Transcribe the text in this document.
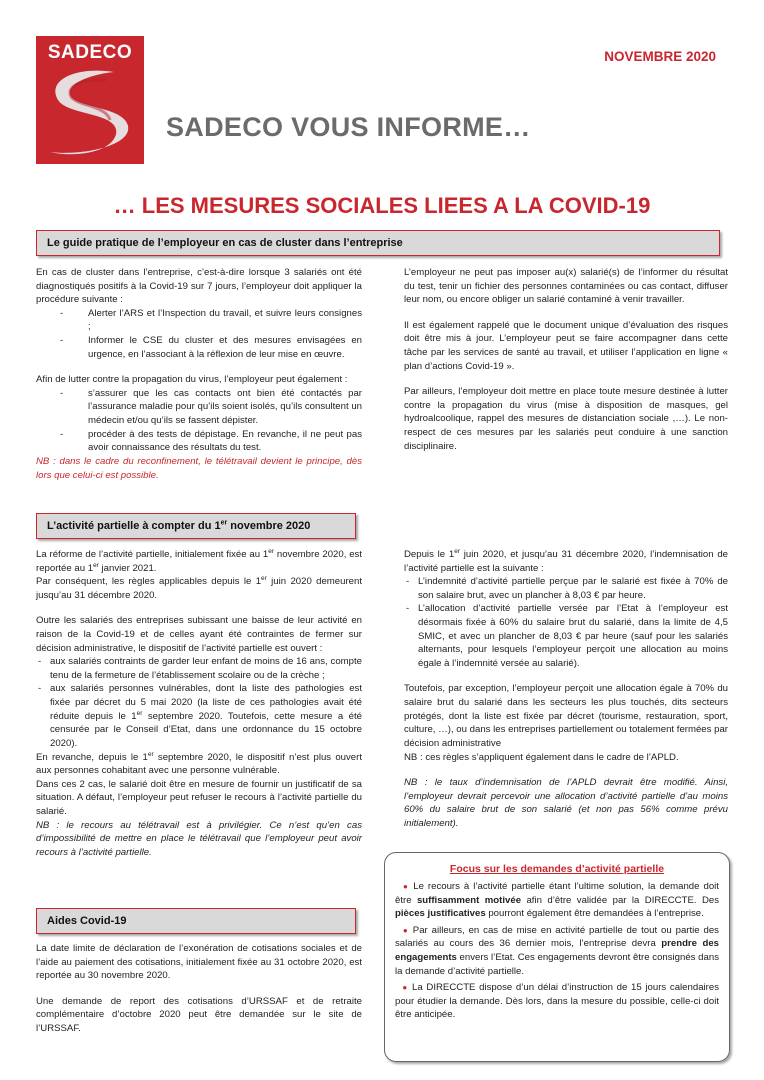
SADECO	NOVEMBRE 2020
SADECO VOUS INFORME…
… LES MESURES SOCIALES LIEES A LA COVID-19
Le guide pratique de l’employeur en cas de cluster dans l’entreprise

En cas de cluster dans l’entreprise, c’est-à-dire lorsque 3 salariés ont été diagnostiqués positifs à la Covid-19 sur 7 jours, l’employeur doit appliquer la procédure suivante :

- Alerter l’ARS et l’Inspection du travail, et suivre leurs consignes ;
- Informer le CSE du cluster et des mesures envisagées en urgence, en l’associant à la réflexion de leur mise en œuvre.

Afin de lutter contre la propagation du virus, l’employeur peut également :

- s’assurer que les cas contacts ont bien été contactés par l’assurance maladie pour qu’ils soient isolés, qu’ils consultent un médecin et/ou qu’ils se fassent dépister.
- procéder à des tests de dépistage. En revanche, il ne peut pas avoir connaissance des résultats du test.

NB : dans le cadre du reconfinement, le télétravail devient le principe, dès lors que celui-ci est possible.

L’employeur ne peut pas imposer au(x) salarié(s) de l’informer du résultat du test, tenir un fichier des personnes contaminées ou cas contact, diffuser leur nom, ou encore obliger un salarié contaminé à venir travailler.

Il est également rappelé que le document unique d’évaluation des risques doit être mis à jour. L’employeur peut se faire accompagner dans cette tâche par les services de santé au travail, et utiliser l’application en ligne « plan d’actions Covid-19 ».

Par ailleurs, l’employeur doit mettre en place toute mesure destinée à lutter contre la propagation du virus (mise à disposition de masques, gel hydroalcoolique, rappel des mesures de distanciation sociale ,…). Le non-respect de ces mesures par les salariés peut conduire à une sanction disciplinaire.

L’activité partielle à compter du 1er novembre 2020

La réforme de l’activité partielle, initialement fixée au 1er novembre 2020, est reportée au 1er janvier 2021.

Par conséquent, les règles applicables depuis le 1er juin 2020 demeurent jusqu’au 31 décembre 2020.

Outre les salariés des entreprises subissant une baisse de leur activité en raison de la Covid-19 et de celles ayant été contraintes de fermer sur décision administrative, le dispositif de l’activité partielle est ouvert :

- aux salariés contraints de garder leur enfant de moins de 16 ans, compte tenu de la fermeture de l’établissement scolaire ou de la crèche ;
- aux salariés personnes vulnérables, dont la liste des pathologies est fixée par décret du 5 mai 2020 (la liste de ces pathologies avait été réduite depuis le 1er septembre 2020. Toutefois, cette mesure a été censurée par le Conseil d’Etat, dans une ordonnance du 15 octobre 2020).

En revanche, depuis le 1er septembre 2020, le dispositif n’est plus ouvert aux personnes cohabitant avec une personne vulnérable.

Dans ces 2 cas, le salarié doit être en mesure de fournir un justificatif de sa situation. A défaut, l’employeur peut refuser le recours à l’activité partielle du salarié.

NB : le recours au télétravail est à privilégier. Ce n’est qu’en cas d’impossibilité de mettre en place le télétravail que l’employeur peut avoir recours à l’activité partielle.

Depuis le 1er juin 2020, et jusqu’au 31 décembre 2020, l’indemnisation de l’activité partielle est la suivante :

- L’indemnité d’activité partielle perçue par le salarié est fixée à 70% de son salaire brut, avec un plancher à 8,03 € par heure.
- L’allocation d’activité partielle versée par l’Etat à l’employeur est désormais fixée à 60% du salaire brut du salarié, dans la limite de 4,5 SMIC, et avec un plancher de 8,03 € par heure (sauf pour les salariés alternants, pour lesquels l’employeur perçoit une allocation au moins égale à l’indemnité versée au salarié).

Toutefois, par exception, l’employeur perçoit une allocation égale à 70% du salaire brut du salarié dans les secteurs les plus touchés, dits secteurs protégés, dont la liste est fixée par décret (tourisme, restauration, sport, culture, …), ou dans les entreprises partiellement ou totalement fermées par décision administrative

NB : ces règles s’appliquent également dans le cadre de l’APLD.

NB : le taux d’indemnisation de l’APLD devrait être modifié. Ainsi, l’employeur devrait percevoir une allocation d’activité partielle d’au moins 60% du salaire brut de son salarié (et non pas 56% comme prévu initialement).

Aides Covid-19

La date limite de déclaration de l’exonération de cotisations sociales et de l’aide au paiement des cotisations, initialement fixée au 31 octobre 2020, est reportée au 30 novembre 2020.

Une demande de report des cotisations d’URSSAF et de retraite complémentaire d’octobre 2020 peut être demandée sur le site de l’URSSAF.

Focus sur les demandes d’activité partielle

● Le recours à l’activité partielle étant l’ultime solution, la demande doit être suffisamment motivée afin d’être validée par la DIRECCTE. Des pièces justificatives pourront également être demandées à l’entreprise.

● Par ailleurs, en cas de mise en activité partielle de tout ou partie des salariés au cours des 36 dernier mois, l’entreprise devra prendre des engagements envers l’Etat. Ces engagements devront être consignés dans la demande d’activité partielle.

● La DIRECCTE dispose d’un délai d’instruction de 15 jours calendaires pour étudier la demande. Dès lors, dans la mesure du possible, celle-ci doit être anticipée.
